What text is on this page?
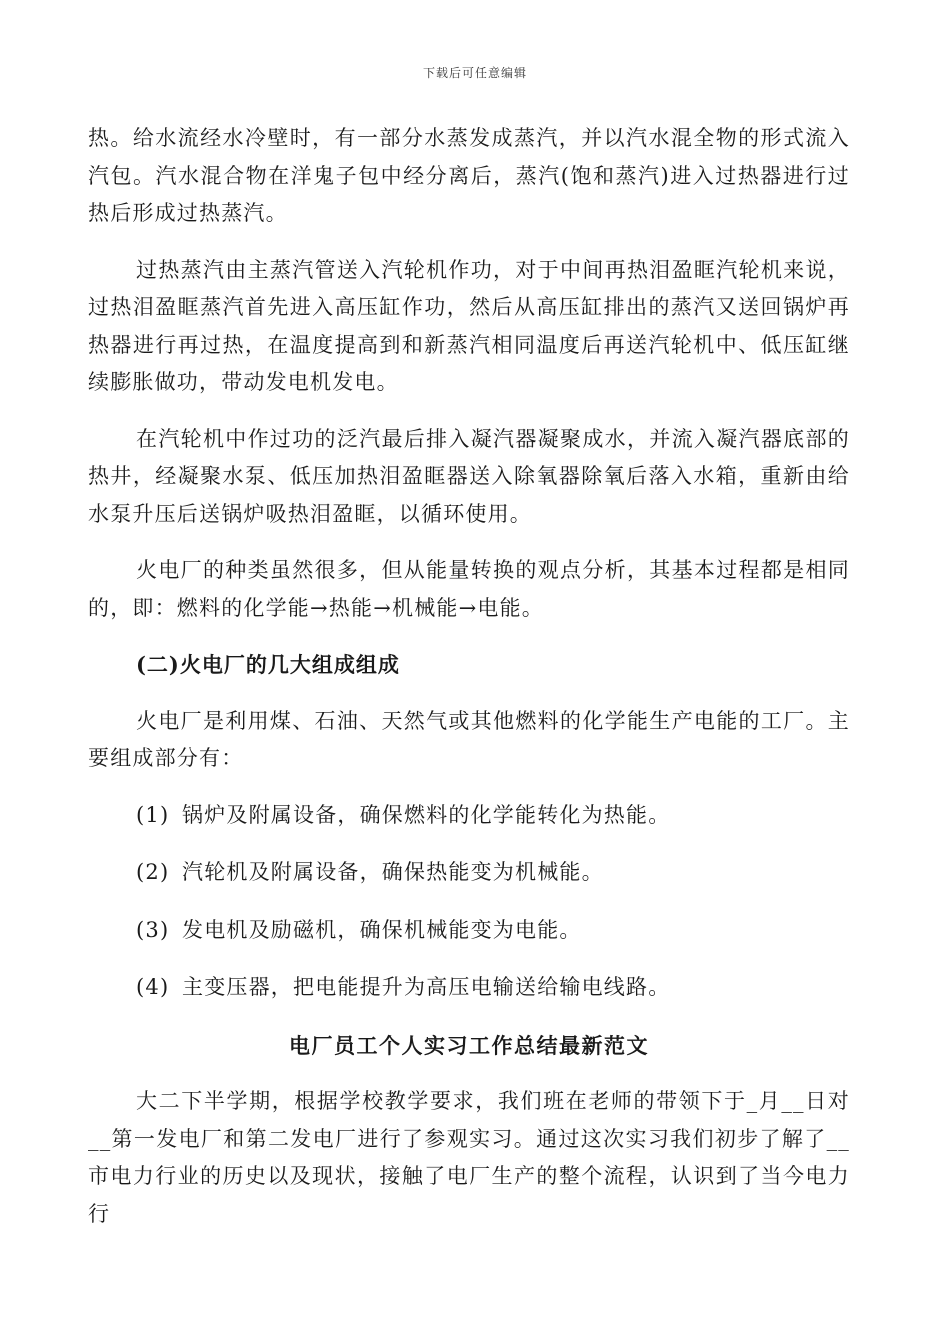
下载后可任意编辑

热。给水流经水冷壁时，有一部分水蒸发成蒸汽，并以汽水混全物的形式流入汽包。汽水混合物在洋鬼子包中经分离后，蒸汽(饱和蒸汽)进入过热器进行过热后形成过热蒸汽。

过热蒸汽由主蒸汽管送入汽轮机作功，对于中间再热泪盈眶汽轮机来说，过热泪盈眶蒸汽首先进入高压缸作功，然后从高压缸排出的蒸汽又送回锅炉再热器进行再过热，在温度提高到和新蒸汽相同温度后再送汽轮机中、低压缸继续膨胀做功，带动发电机发电。

在汽轮机中作过功的泛汽最后排入凝汽器凝聚成水，并流入凝汽器底部的热井，经凝聚水泵、低压加热泪盈眶器送入除氧器除氧后落入水箱，重新由给水泵升压后送锅炉吸热泪盈眶，以循环使用。

火电厂的种类虽然很多，但从能量转换的观点分析，其基本过程都是相同的，即：燃料的化学能→热能→机械能→电能。

(二)火电厂的几大组成组成

火电厂是利用煤、石油、天然气或其他燃料的化学能生产电能的工厂。主要组成部分有：

(1) 锅炉及附属设备，确保燃料的化学能转化为热能。
(2) 汽轮机及附属设备，确保热能变为机械能。
(3) 发电机及励磁机，确保机械能变为电能。
(4) 主变压器，把电能提升为高压电输送给输电线路。
电厂员工个人实习工作总结最新范文

大二下半学期，根据学校教学要求，我们班在老师的带领下于_月__日对__第一发电厂和第二发电厂进行了参观实习。通过这次实习我们初步了解了__市电力行业的历史以及现状，接触了电厂生产的整个流程，认识到了当今电力行
